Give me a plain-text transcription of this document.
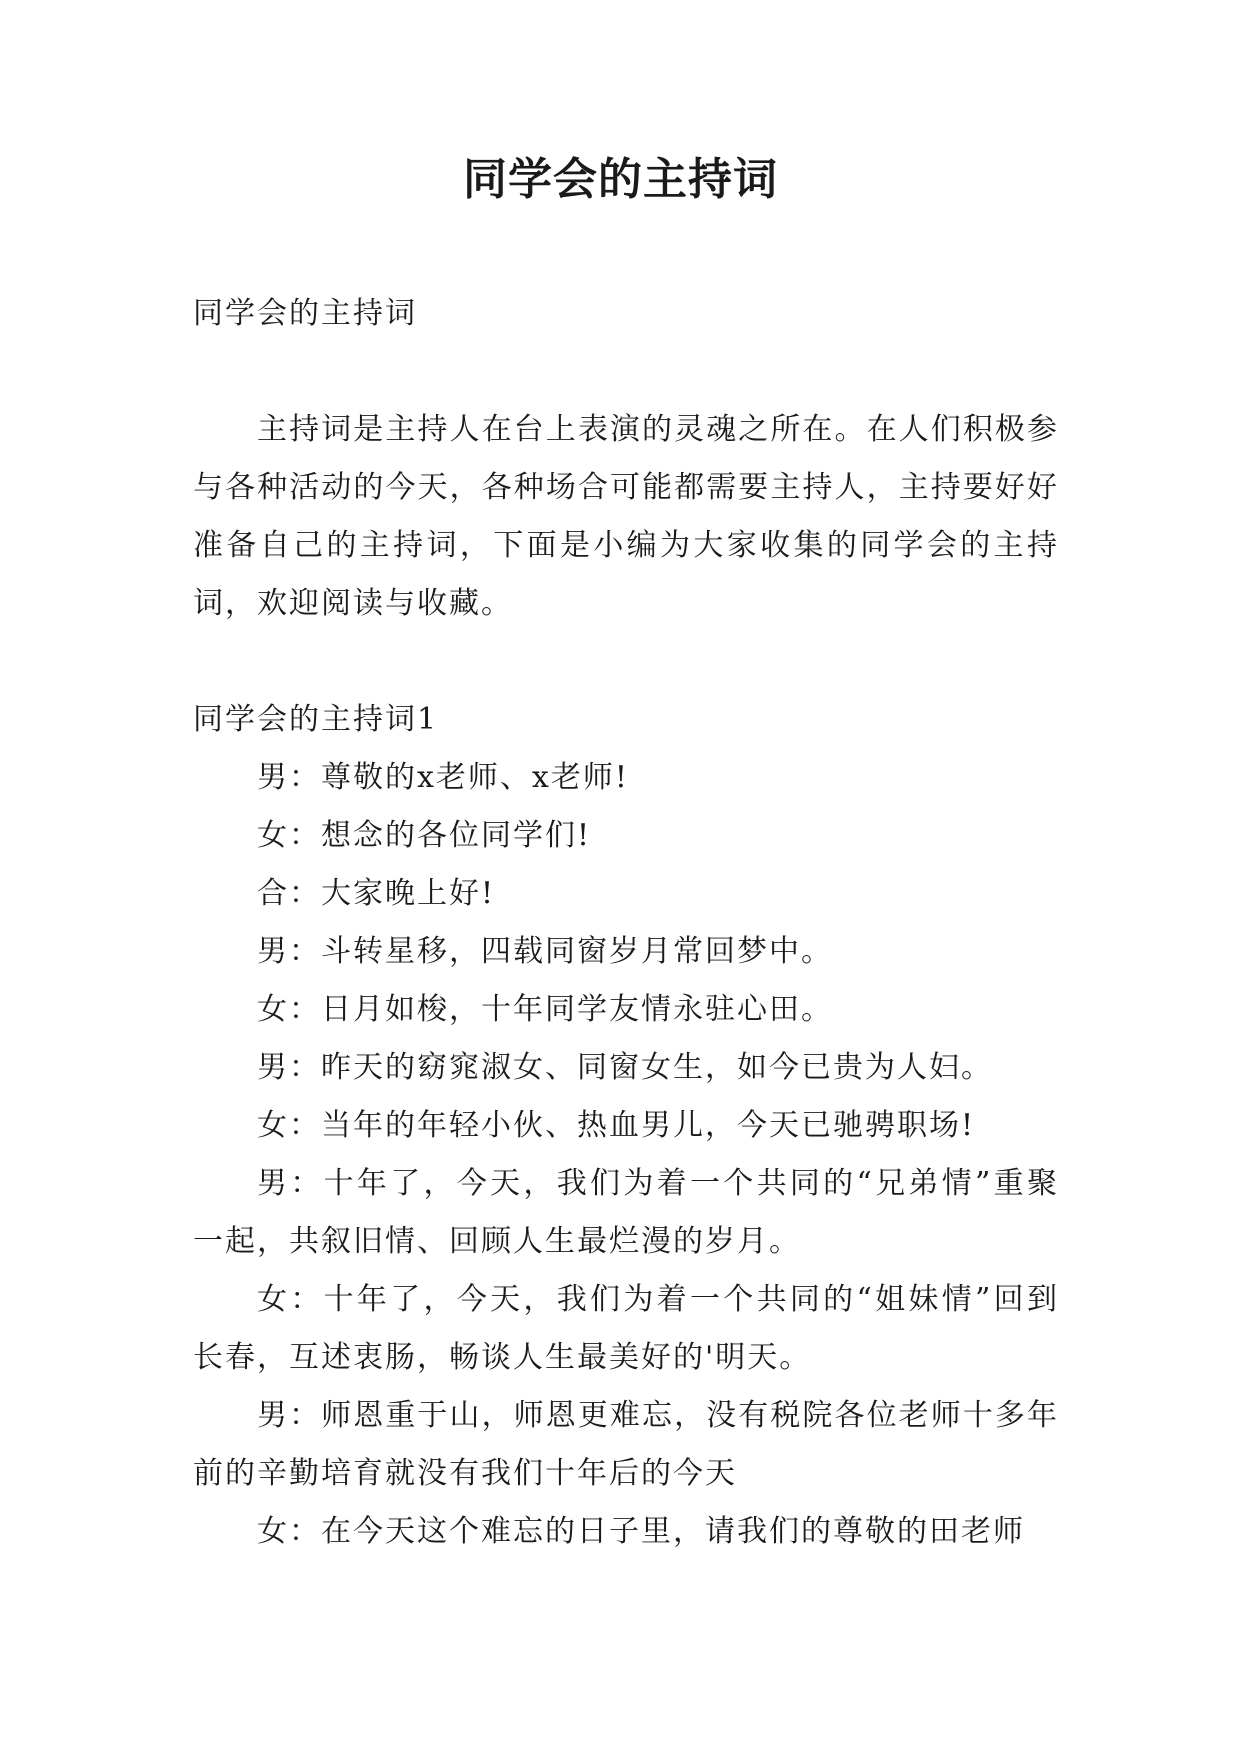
同学会的主持词

同学会的主持词

主持词是主持人在台上表演的灵魂之所在。在人们积极参与各种活动的今天，各种场合可能都需要主持人，主持要好好准备自己的主持词，下面是小编为大家收集的同学会的主持词，欢迎阅读与收藏。

同学会的主持词1

男：尊敬的x老师、x老师!

女：想念的各位同学们!

合：大家晚上好!

男：斗转星移，四载同窗岁月常回梦中。

女：日月如梭，十年同学友情永驻心田。

男：昨天的窈窕淑女、同窗女生，如今已贵为人妇。

女：当年的年轻小伙、热血男儿，今天已驰骋职场!

男：十年了，今天，我们为着一个共同的“兄弟情”重聚一起，共叙旧情、回顾人生最烂漫的岁月。

女：十年了，今天，我们为着一个共同的“姐妹情”回到长春，互述衷肠，畅谈人生最美好的'明天。

男：师恩重于山，师恩更难忘，没有税院各位老师十多年前的辛勤培育就没有我们十年后的今天

女：在今天这个难忘的日子里，请我们的尊敬的田老师
